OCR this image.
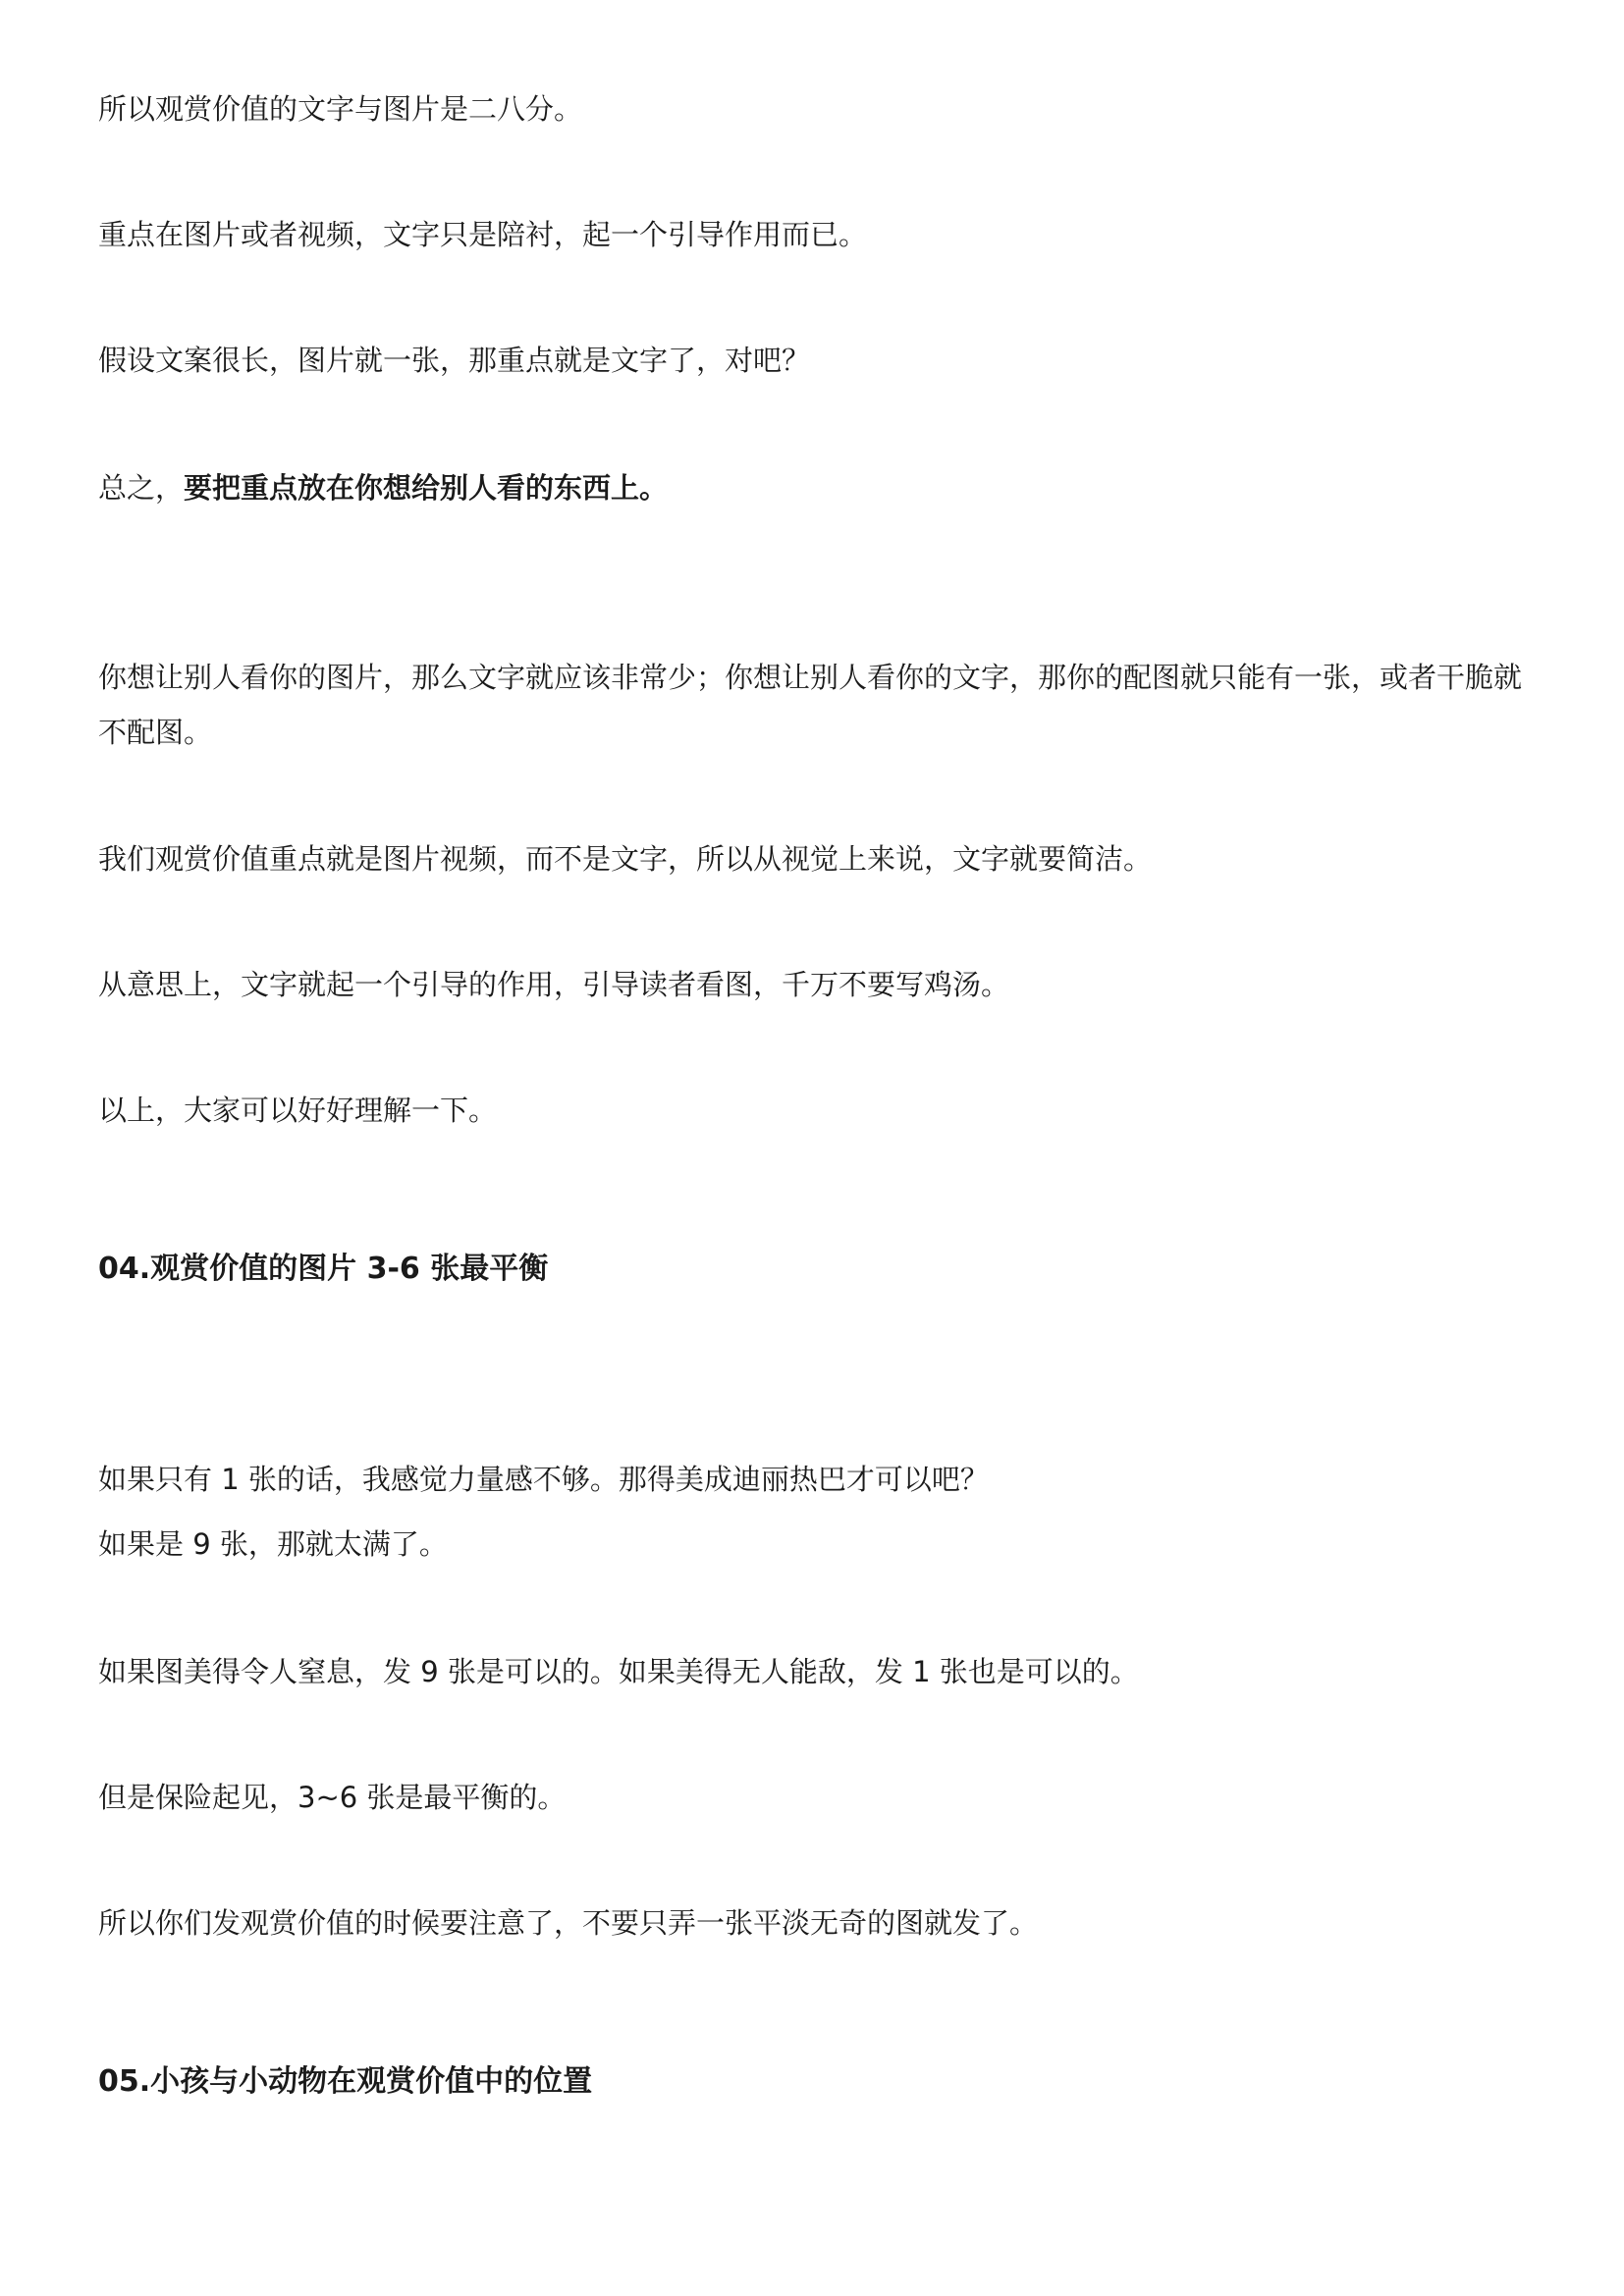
所以观赏价值的文字与图片是二八分。
重点在图片或者视频，文字只是陪衬，起一个引导作用而已。
假设文案很长，图片就一张，那重点就是文字了，对吧？
总之，要把重点放在你想给别人看的东西上。
你想让别人看你的图片，那么文字就应该非常少；你想让别人看你的文字，那你的配图就只能有一张，或者干脆就不配图。
我们观赏价值重点就是图片视频，而不是文字，所以从视觉上来说，文字就要简洁。
从意思上，文字就起一个引导的作用，引导读者看图，千万不要写鸡汤。
以上，大家可以好好理解一下。
04.观赏价值的图片 3-6 张最平衡
如果只有 1 张的话，我感觉力量感不够。那得美成迪丽热巴才可以吧？
如果是 9 张，那就太满了。
如果图美得令人窒息，发 9 张是可以的。如果美得无人能敌，发 1 张也是可以的。
但是保险起见，3~6 张是最平衡的。
所以你们发观赏价值的时候要注意了，不要只弄一张平淡无奇的图就发了。
05.小孩与小动物在观赏价值中的位置
